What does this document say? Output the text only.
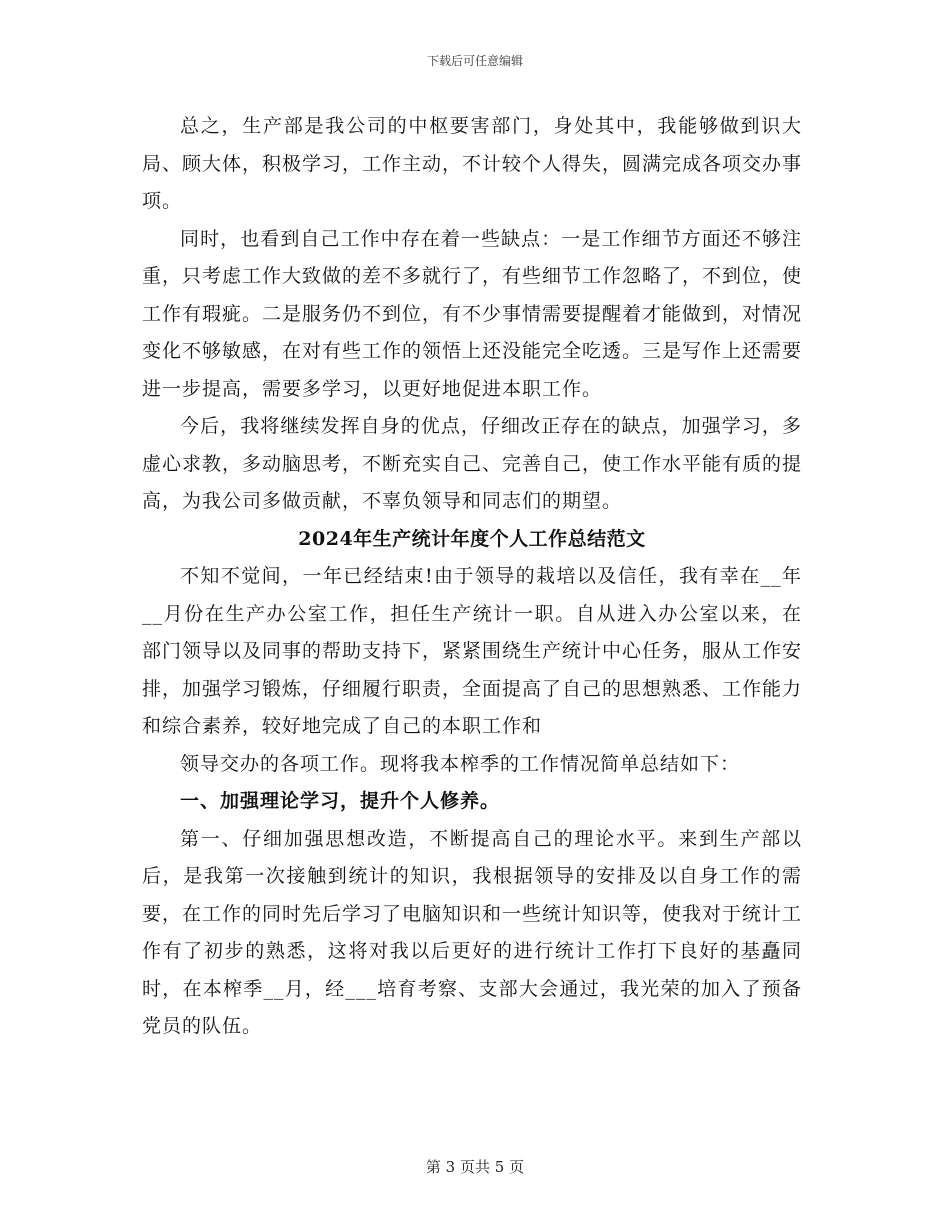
下载后可任意编辑

总之，生产部是我公司的中枢要害部门，身处其中，我能够做到识大局、顾大体，积极学习，工作主动，不计较个人得失，圆满完成各项交办事项。

同时，也看到自己工作中存在着一些缺点：一是工作细节方面还不够注重，只考虑工作大致做的差不多就行了，有些细节工作忽略了，不到位，使工作有瑕疵。二是服务仍不到位，有不少事情需要提醒着才能做到，对情况变化不够敏感，在对有些工作的领悟上还没能完全吃透。三是写作上还需要进一步提高，需要多学习，以更好地促进本职工作。

今后，我将继续发挥自身的优点，仔细改正存在的缺点，加强学习，多虚心求教，多动脑思考，不断充实自己、完善自己，使工作水平能有质的提高，为我公司多做贡献，不辜负领导和同志们的期望。

2024年生产统计年度个人工作总结范文

不知不觉间，一年已经结束!由于领导的栽培以及信任，我有幸在__年__月份在生产办公室工作，担任生产统计一职。自从进入办公室以来，在部门领导以及同事的帮助支持下，紧紧围绕生产统计中心任务，服从工作安排，加强学习锻炼，仔细履行职责，全面提高了自己的思想熟悉、工作能力和综合素养，较好地完成了自己的本职工作和

领导交办的各项工作。现将我本榨季的工作情况简单总结如下：

一、加强理论学习，提升个人修养。

第一、仔细加强思想改造，不断提高自己的理论水平。来到生产部以后，是我第一次接触到统计的知识，我根据领导的安排及以自身工作的需要，在工作的同时先后学习了电脑知识和一些统计知识等，使我对于统计工作有了初步的熟悉，这将对我以后更好的进行统计工作打下良好的基矗同时，在本榨季__月，经___培育考察、支部大会通过，我光荣的加入了预备党员的队伍。

第 3 页共 5 页
